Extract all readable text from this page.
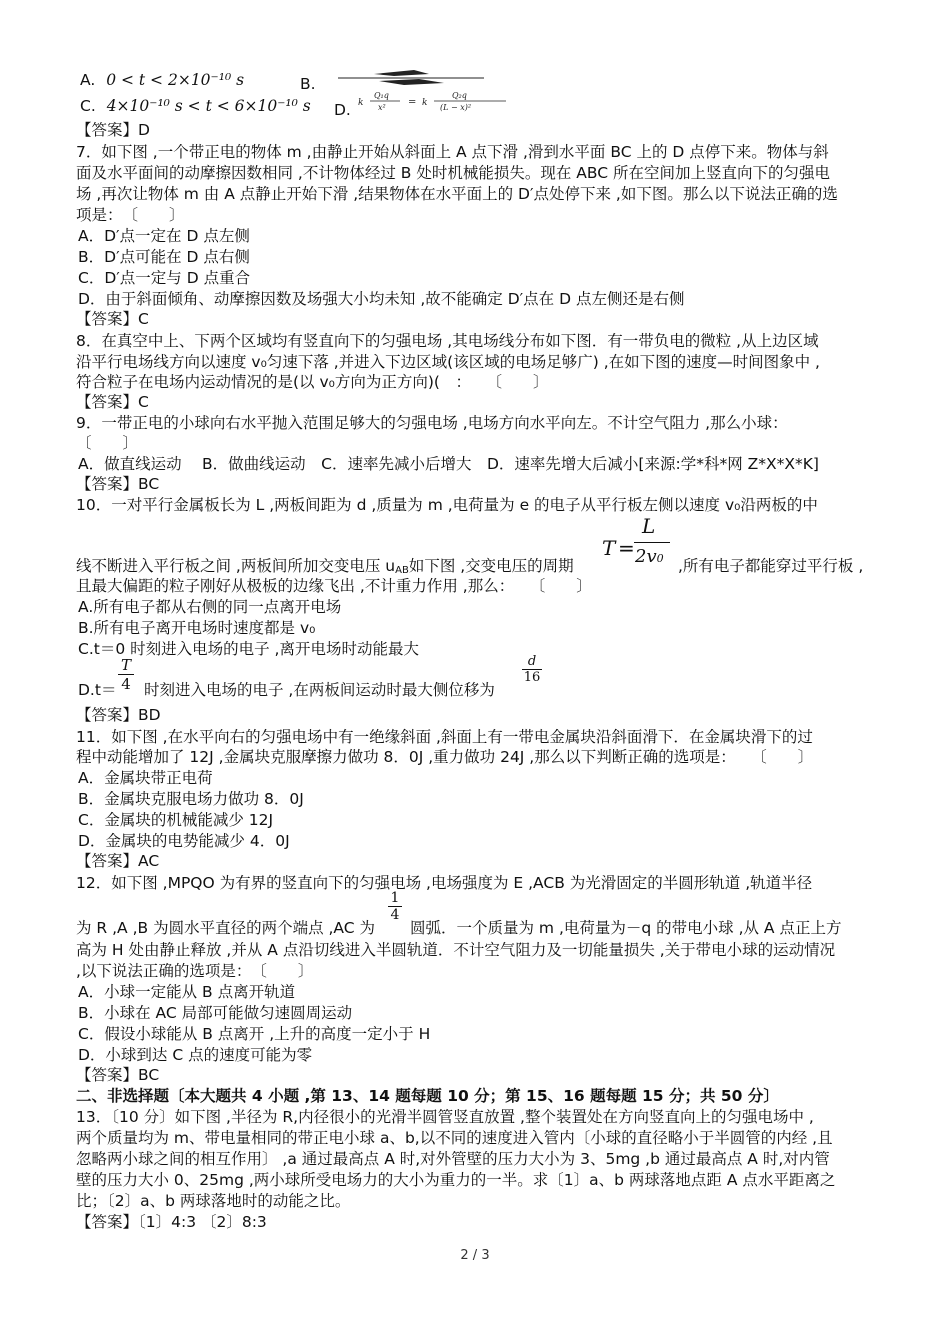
A. 0 < t < 2×10⁻¹⁰ s	B.
C. 4×10⁻¹⁰ s < t < 6×10⁻¹⁰ s D. k
Q₁q
x² = k
Q₂q
(L − x)²
【答案】D
7．如下图 ,一个带正电的物体 m ,由静止开始从斜面上 A 点下滑 ,滑到水平面 BC 上的 D 点停下来。物体与斜
面及水平面间的动摩擦因数相同 ,不计物体经过 B 处时机械能损失。现在 ABC 所在空间加上竖直向下的匀强电
场 ,再次让物体 m 由 A 点静止开始下滑 ,结果物体在水平面上的 D′点处停下来 ,如下图。那么以下说法正确的选
项是：　〔　　〕
A．D′点一定在 D 点左侧
B．D′点可能在 D 点右侧
C．D′点一定与 D 点重合
D．由于斜面倾角、动摩擦因数及场强大小均未知 ,故不能确定 D′点在 D 点左侧还是右侧
【答案】C
8．在真空中上、下两个区域均有竖直向下的匀强电场 ,其电场线分布如下图．有一带负电的微粒 ,从上边区域
沿平行电场线方向以速度 v₀匀速下落 ,并进入下边区域(该区域的电场足够广) ,在如下图的速度—时间图象中 ,
符合粒子在电场内运动情况的是(以 v₀方向为正方向)(　：　　〔　　〕
【答案】C
9．一带正电的小球向右水平抛入范围足够大的匀强电场 ,电场方向水平向左。不计空气阻力 ,那么小球：
〔　　〕
A．做直线运动　 B．做曲线运动　C．速率先减小后增大　D．速率先增大后减小[来源:学*科*网 Z*X*X*K]
【答案】BC
10．一对平行金属板长为 L ,两板间距为 d ,质量为 m ,电荷量为 e 的电子从平行板左侧以速度 v₀沿两板的中
线不断进入平行板之间 ,两板间所加交变电压 $u_{AB}$如下图 ,交变电压的周期
T =
L
2v0 ,所有电子都能穿过平行板 ,
且最大偏距的粒子刚好从极板的边缘飞出 ,不计重力作用 ,那么：　　〔　　〕
A.所有电子都从右侧的同一点离开电场
B.所有电子离开电场时速度都是 v₀
C.t＝0 时刻进入电场的电子 ,离开电场时动能最大
D.t＝
T
4 时刻进入电场的电子 ,在两板间运动时最大侧位移为
d
16
【答案】BD
11．如下图 ,在水平向右的匀强电场中有一绝缘斜面 ,斜面上有一带电金属块沿斜面滑下．在金属块滑下的过
程中动能增加了 12J ,金属块克服摩擦力做功 8．0J ,重力做功 24J ,那么以下判断正确的选项是：　　〔　　〕
A．金属块带正电荷
B．金属块克服电场力做功 8．0J
C．金属块的机械能减少 12J
D．金属块的电势能减少 4．0J
【答案】AC
12．如下图 ,MPQO 为有界的竖直向下的匀强电场 ,电场强度为 E ,ACB 为光滑固定的半圆形轨道 ,轨道半径
为 R ,A ,B 为圆水平直径的两个端点 ,AC 为
1
4
圆弧．一个质量为 m ,电荷量为－q 的带电小球 ,从 A 点正上方
高为 H 处由静止释放 ,并从 A 点沿切线进入半圆轨道．不计空气阻力及一切能量损失 ,关于带电小球的运动情况
,以下说法正确的选项是：　〔　　〕
A．小球一定能从 B 点离开轨道
B．小球在 AC 局部可能做匀速圆周运动
C．假设小球能从 B 点离开 ,上升的高度一定小于 H
D．小球到达 C 点的速度可能为零
【答案】BC
二、非选择题〔本大题共 4 小题 ,第 13、14 题每题 10 分；第 15、16 题每题 15 分；共 50 分〕
13．〔10 分〕如下图 ,半径为 R,内径很小的光滑半圆管竖直放置 ,整个装置处在方向竖直向上的匀强电场中 ,
两个质量均为 m、带电量相同的带正电小球 a、b,以不同的速度进入管内〔小球的直径略小于半圆管的内经 ,且
忽略两小球之间的相互作用〕 ,a 通过最高点 A 时,对外管壁的压力大小为 3、5mg ,b 通过最高点 A 时,对内管
壁的压力大小 0、25mg ,两小球所受电场力的大小为重力的一半。求〔1〕a、b 两球落地点距 A 点水平距离之
比；〔2〕a、b 两球落地时的动能之比。
【答案】〔1〕4:3 〔2〕8:3
2 / 3
